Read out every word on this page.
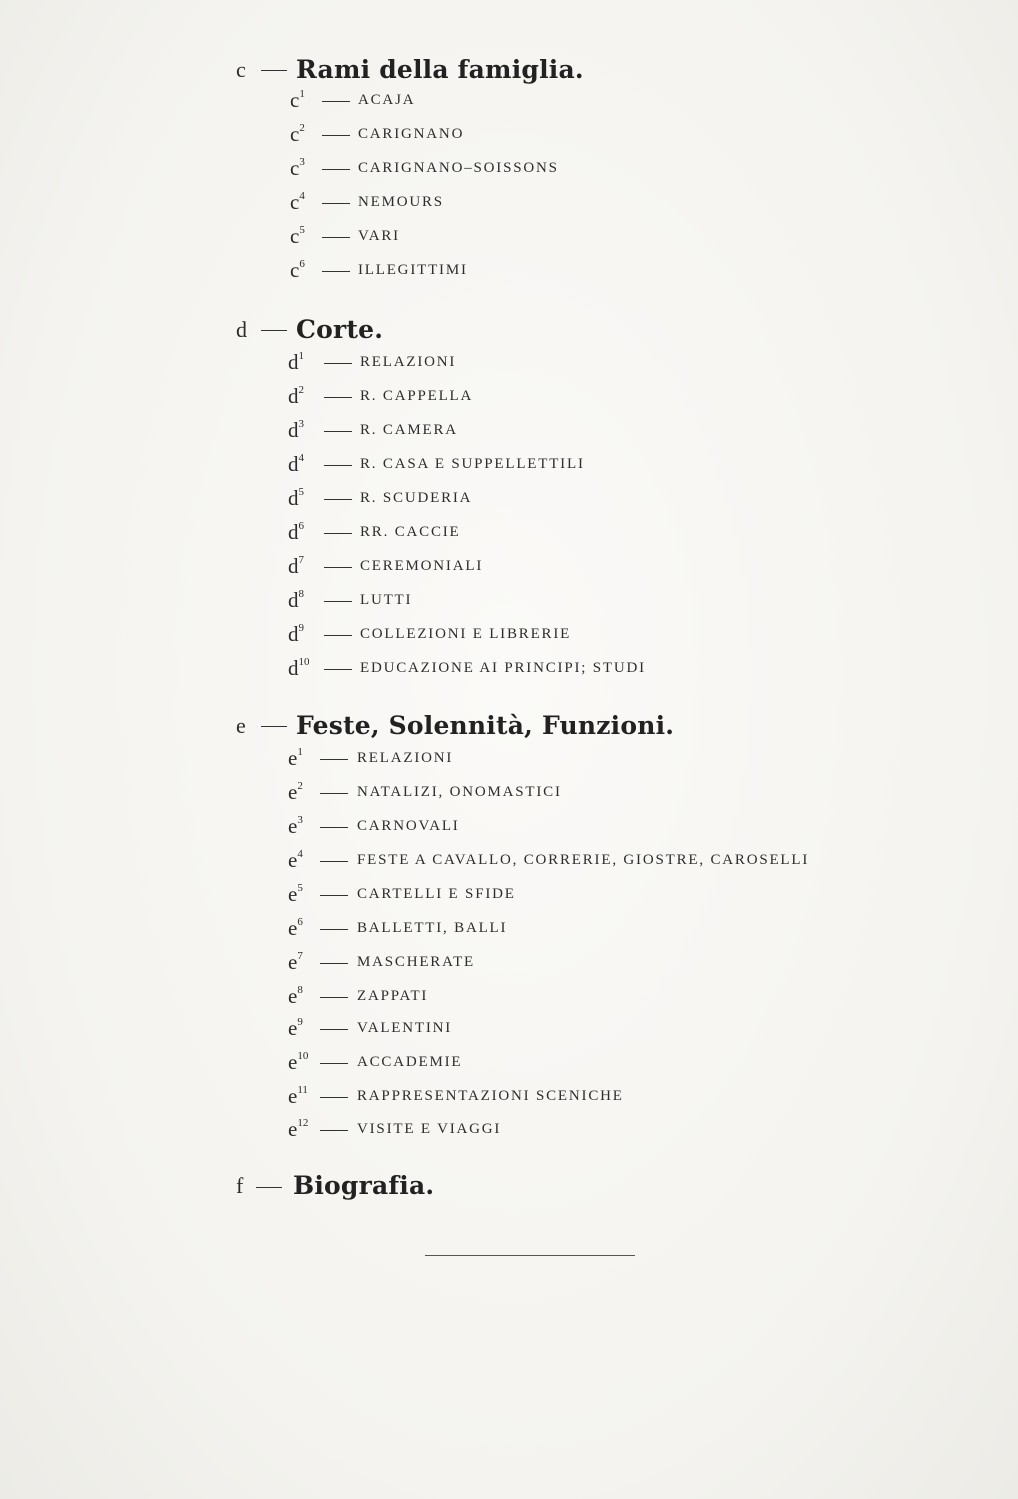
c Rami della famiglia.
$c^1$	ACAJA
$c^2$	CARIGNANO
$c^3$	CARIGNANO–SOISSONS
$c^4$	NEMOURS
$c^5$	VARI
$c^6$	ILLEGITTIMI
d Corte.
$d^1$	RELAZIONI
$d^2$	R. CAPPELLA
$d^3$	R. CAMERA
$d^4$	R. CASA E SUPPELLETTILI
$d^5$	R. SCUDERIA
$d^6$	RR. CACCIE
$d^7$	CEREMONIALI
$d^8$	LUTTI
$d^9$	COLLEZIONI E LIBRERIE
$d^{10}$	EDUCAZIONE AI PRINCIPI; STUDI
e Feste, Solennità, Funzioni.
$e^1$	RELAZIONI
$e^2$	NATALIZI, ONOMASTICI
$e^3$	CARNOVALI
$e^4$	FESTE A CAVALLO, CORRERIE, GIOSTRE, CAROSELLI
$e^5$	CARTELLI E SFIDE
$e^6$	BALLETTI, BALLI
$e^7$	MASCHERATE
$e^8$	ZAPPATI
$e^9$	VALENTINI
$e^{10}$	ACCADEMIE
$e^{11}$	RAPPRESENTAZIONI SCENICHE
$e^{12}$	VISITE E VIAGGI
f Biografia.
